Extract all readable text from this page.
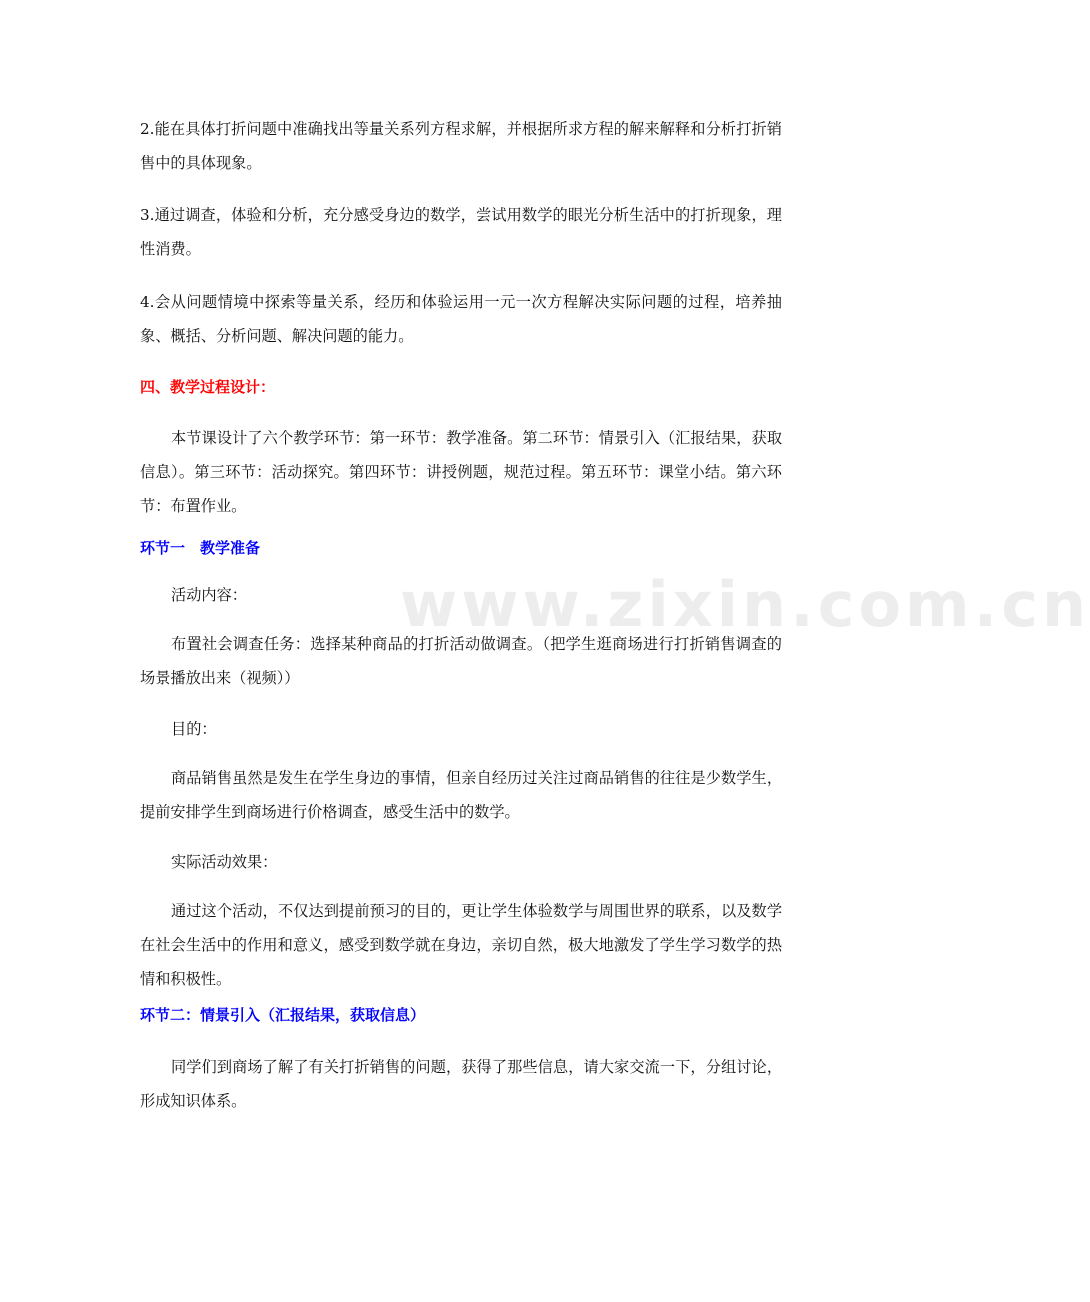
www.zixin.com.cn

2.能在具体打折问题中准确找出等量关系列方程求解，并根据所求方程的解来解释和分析打折销售中的具体现象。

3.通过调查，体验和分析，充分感受身边的数学，尝试用数学的眼光分析生活中的打折现象，理性消费。

4.会从问题情境中探索等量关系，经历和体验运用一元一次方程解决实际问题的过程，培养抽象、概括、分析问题、解决问题的能力。

四、教学过程设计：

本节课设计了六个教学环节：第一环节：教学准备。第二环节：情景引入（汇报结果，获取信息）。第三环节：活动探究。第四环节：讲授例题，规范过程。第五环节：课堂小结。第六环节：布置作业。

环节一　教学准备

活动内容：

布置社会调查任务：选择某种商品的打折活动做调查。（把学生逛商场进行打折销售调查的场景播放出来（视频））

目的：

商品销售虽然是发生在学生身边的事情，但亲自经历过关注过商品销售的往往是少数学生，提前安排学生到商场进行价格调查，感受生活中的数学。

实际活动效果：

通过这个活动，不仅达到提前预习的目的，更让学生体验数学与周围世界的联系，以及数学在社会生活中的作用和意义，感受到数学就在身边，亲切自然，极大地激发了学生学习数学的热情和积极性。

环节二：情景引入（汇报结果，获取信息）

同学们到商场了解了有关打折销售的问题，获得了那些信息，请大家交流一下，分组讨论，形成知识体系。
